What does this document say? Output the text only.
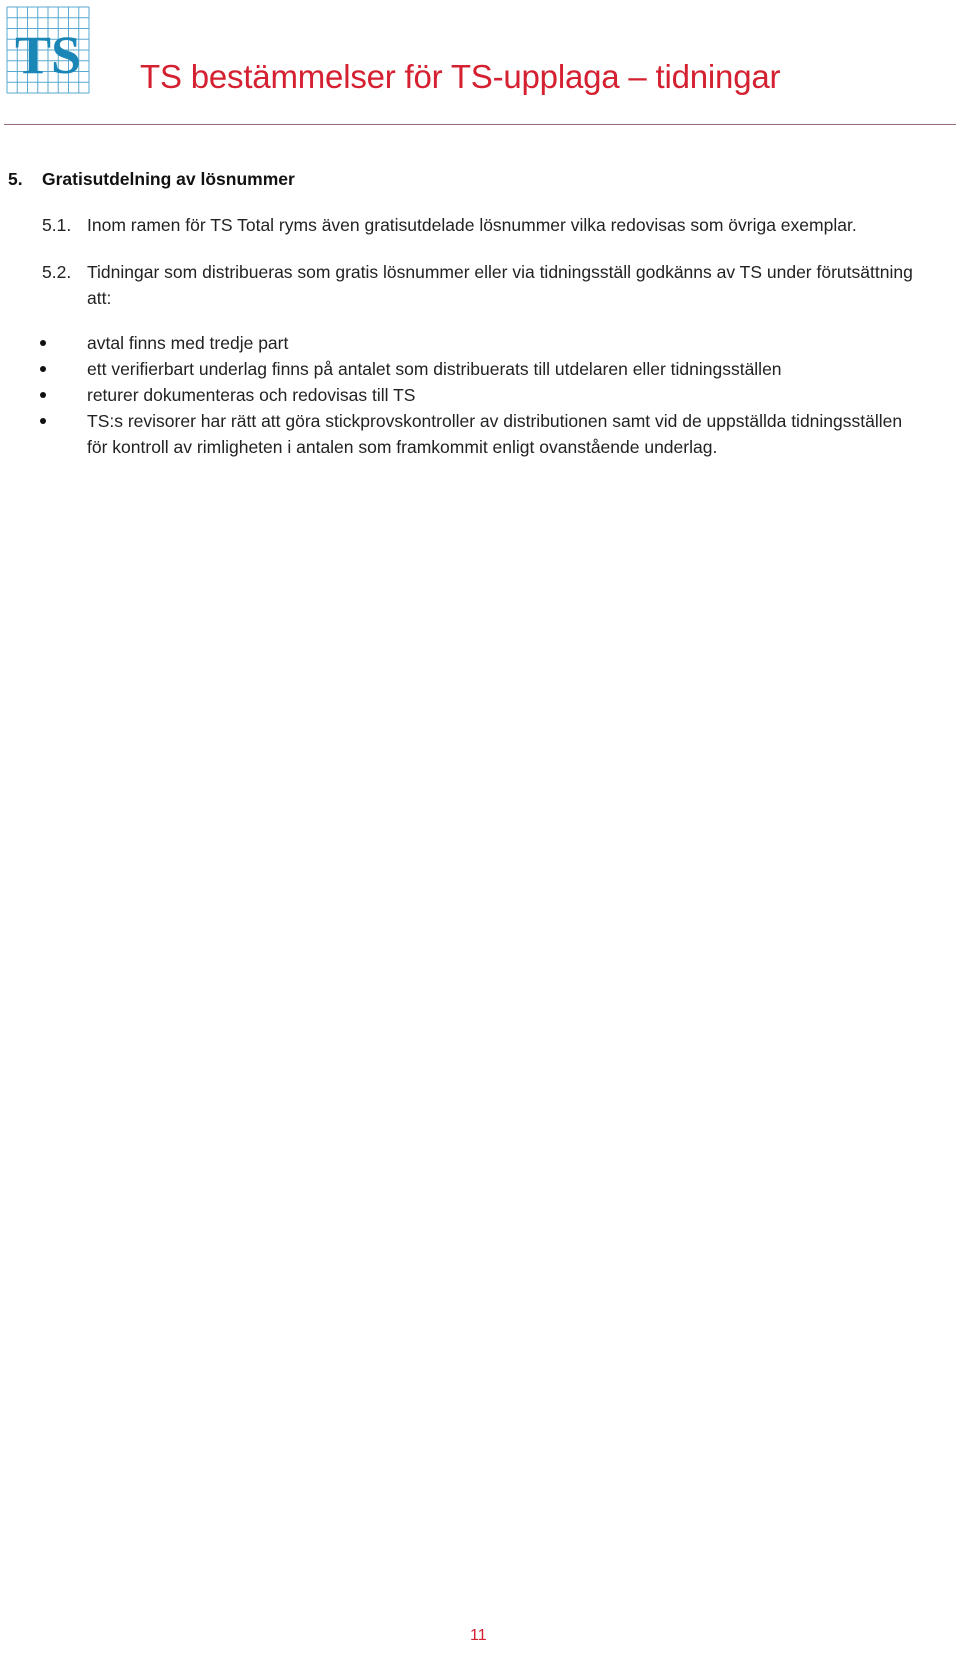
TS TS bestämmelser för TS-upplaga – tidningar
5. Gratisutdelning av lösnummer
5.1. Inom ramen för TS Total ryms även gratisutdelade lösnummer vilka redovisas som övriga exemplar.
5.2. Tidningar som distribueras som gratis lösnummer eller via tidningsställ godkänns av TS under förutsättning att:
avtal finns med tredje part
ett verifierbart underlag finns på antalet som distribuerats till utdelaren eller tidningsställen
returer dokumenteras och redovisas till TS
TS:s revisorer har rätt att göra stickprovskontroller av distributionen samt vid de uppställda tidningsställen för kontroll av rimligheten i antalen som framkommit enligt ovanstående underlag.
11
